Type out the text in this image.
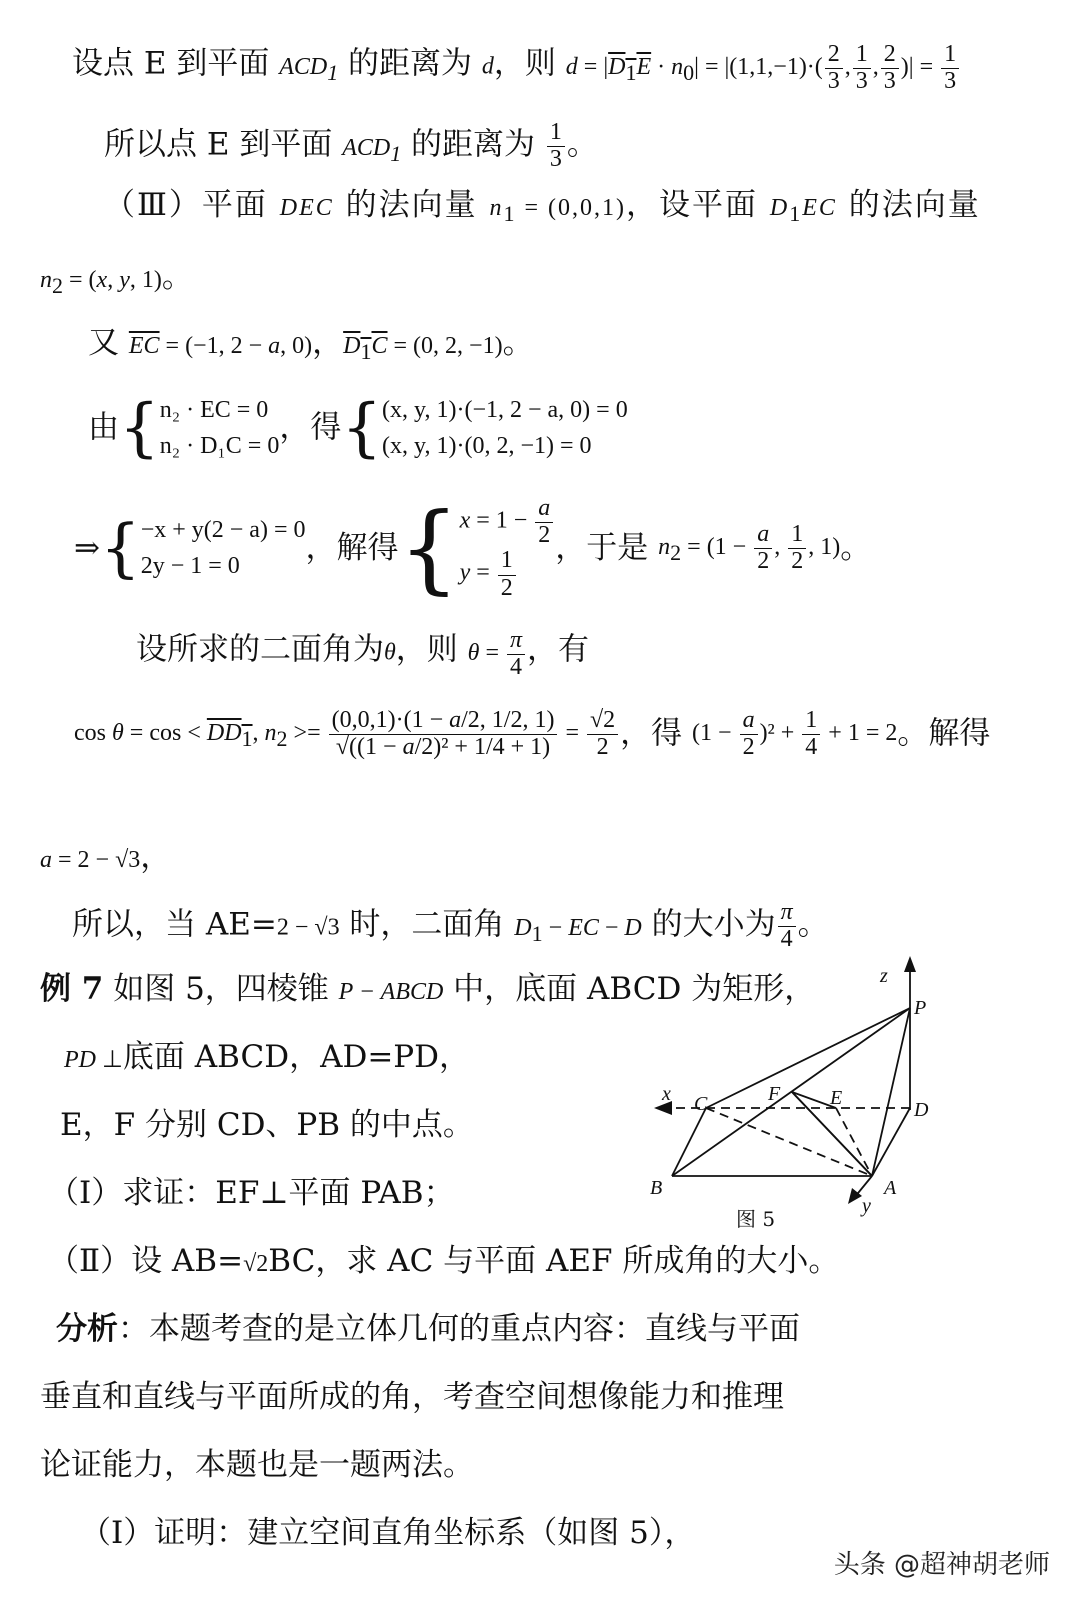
设点 E 到平面 $ACD_1$ 的距离为 d，则 $d = |D_1E \cdot n_0| = |(1,1,-1)\cdot( \frac{2}{3}$ , $\frac{1}{3}$ , $\frac{2}{3}$ )| = $\frac{1}{3}$
所以点 E 到平面 $ACD_1$ 的距离为 $\frac{1}{3}$ 。
（Ⅲ）平面 DEC 的法向量 $n_1 = (0,0,1)$，设平面 $D_1EC$ 的法向量
$n_2 = (x$, y, 1)。
又 $\overline{EC} = (-1$, 2 − a, 0)，$D_1C = (0$, 2, −1)。
由{ n₂ · EC = 0
n₂ · D₁C = 0
，得{ (x, y, 1)·(−1, 2 − a, 0) = 0
(x, y, 1)·(0, 2, −1) = 0
⇒{ −x + y(2 − a) = 0
2y − 1 = 0
，解得{ $x = 1 - \frac{a}{2}$
$y = \frac{1}{2}$
，于是 $n_2 = (1 - \frac{a}{2}$ , $\frac{1}{2}$ , 1)。
设所求的二面角为θ，则 $\theta = \frac{\pi}{4}$ ，有
$\cos \theta = \cos < DD_1$, $n_2 >= \frac{(0,0,1)\cdot(1 - a/2, 1/2, 1)}{\text{√((1 − a/2)² + 1/4 + 1)}} = \frac{√2}{2}$ ，得 $(1 - \frac{a}{2} )^2 + \frac{1}{4} + 1 = 2$。解得
a = 2 − √3，
所以，当 AE=2 − √3 时，二面角 $D_1$ − EC − D 的大小为 $\frac{\pi}{4}$ 。
例 7 如图 5，四棱锥 P − ABCD 中，底面 ABCD 为矩形，
PD ⊥底面 ABCD，AD=PD，
E，F 分别 CD、PB 的中点。
（Ⅰ）求证：EF⊥平面 PAB；
（Ⅱ）设 AB=√2BC，求 AC 与平面 AEF 所成角的大小。
分析：本题考查的是立体几何的重点内容：直线与平面
垂直和直线与平面所成的角，考查空间想像能力和推理
论证能力，本题也是一题两法。
（Ⅰ）证明：建立空间直角坐标系（如图 5），
z
P
D
x C	F E
B	A
y
图 5
头条 @超神胡老师
